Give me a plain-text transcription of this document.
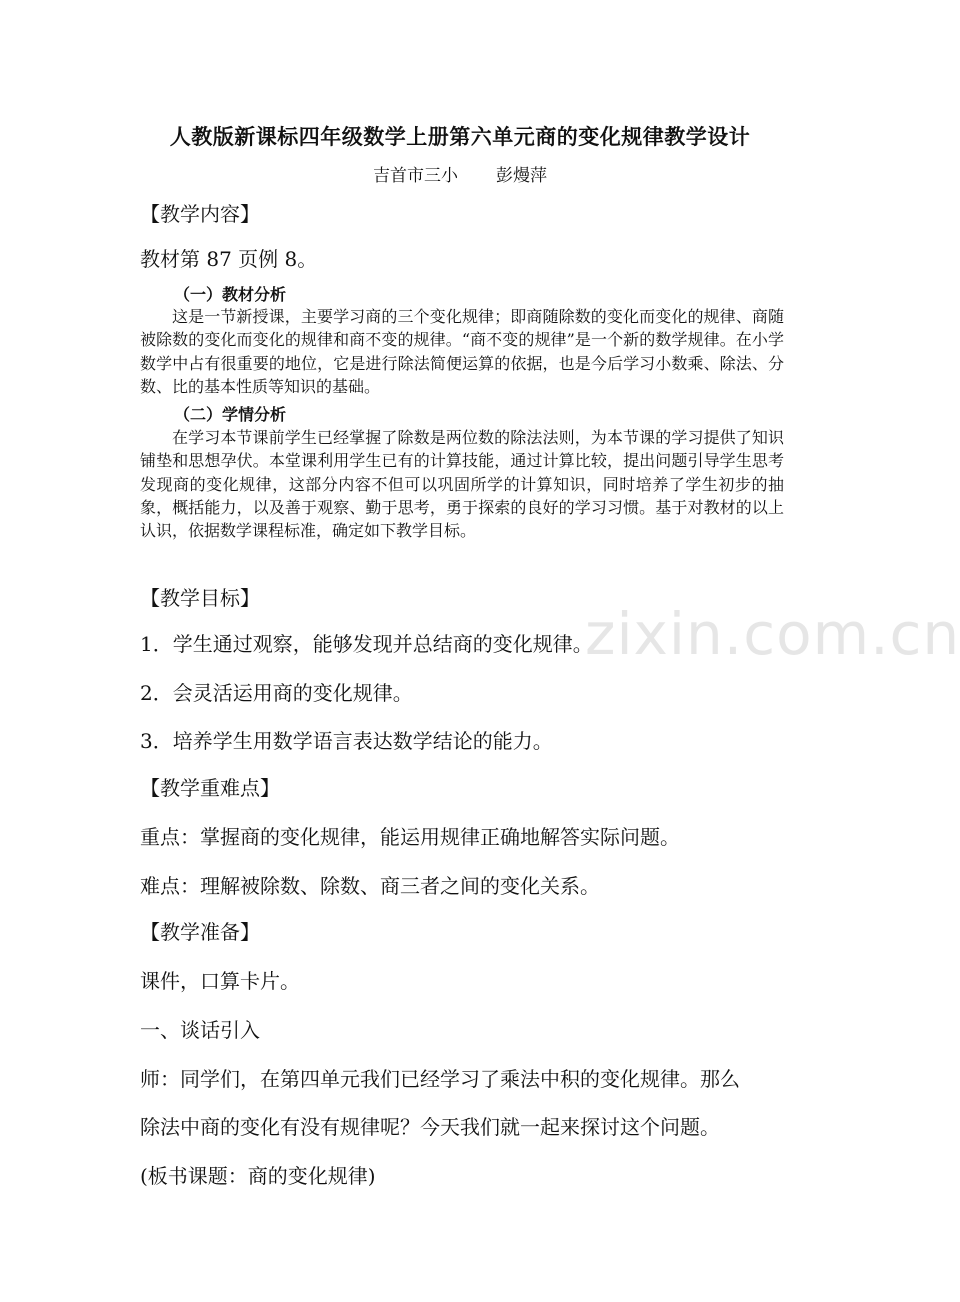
人教版新课标四年级数学上册第六单元商的变化规律教学设计
吉首市三小 彭熳萍
【教学内容】
教材第 87 页例 8。
（一）教材分析
这是一节新授课，主要学习商的三个变化规律；即商随除数的变化而变化的规律、商随被除数的变化而变化的规律和商不变的规律。“商不变的规律”是一个新的数学规律。在小学数学中占有很重要的地位，它是进行除法简便运算的依据，也是今后学习小数乘、除法、分数、比的基本性质等知识的基础。
（二）学情分析
在学习本节课前学生已经掌握了除数是两位数的除法法则，为本节课的学习提供了知识铺垫和思想孕伏。本堂课利用学生已有的计算技能，通过计算比较，提出问题引导学生思考发现商的变化规律，这部分内容不但可以巩固所学的计算知识，同时培养了学生初步的抽象，概括能力，以及善于观察、勤于思考，勇于探索的良好的学习习惯。基于对教材的以上认识，依据数学课程标准，确定如下教学目标。
【教学目标】
1．学生通过观察，能够发现并总结商的变化规律。
2．会灵活运用商的变化规律。
3．培养学生用数学语言表达数学结论的能力。
【教学重难点】
重点：掌握商的变化规律，能运用规律正确地解答实际问题。
难点：理解被除数、除数、商三者之间的变化关系。
【教学准备】
课件，口算卡片。
一、谈话引入
师：同学们，在第四单元我们已经学习了乘法中积的变化规律。那么
除法中商的变化有没有规律呢？今天我们就一起来探讨这个问题。
(板书课题：商的变化规律)
zixin.com.cn
